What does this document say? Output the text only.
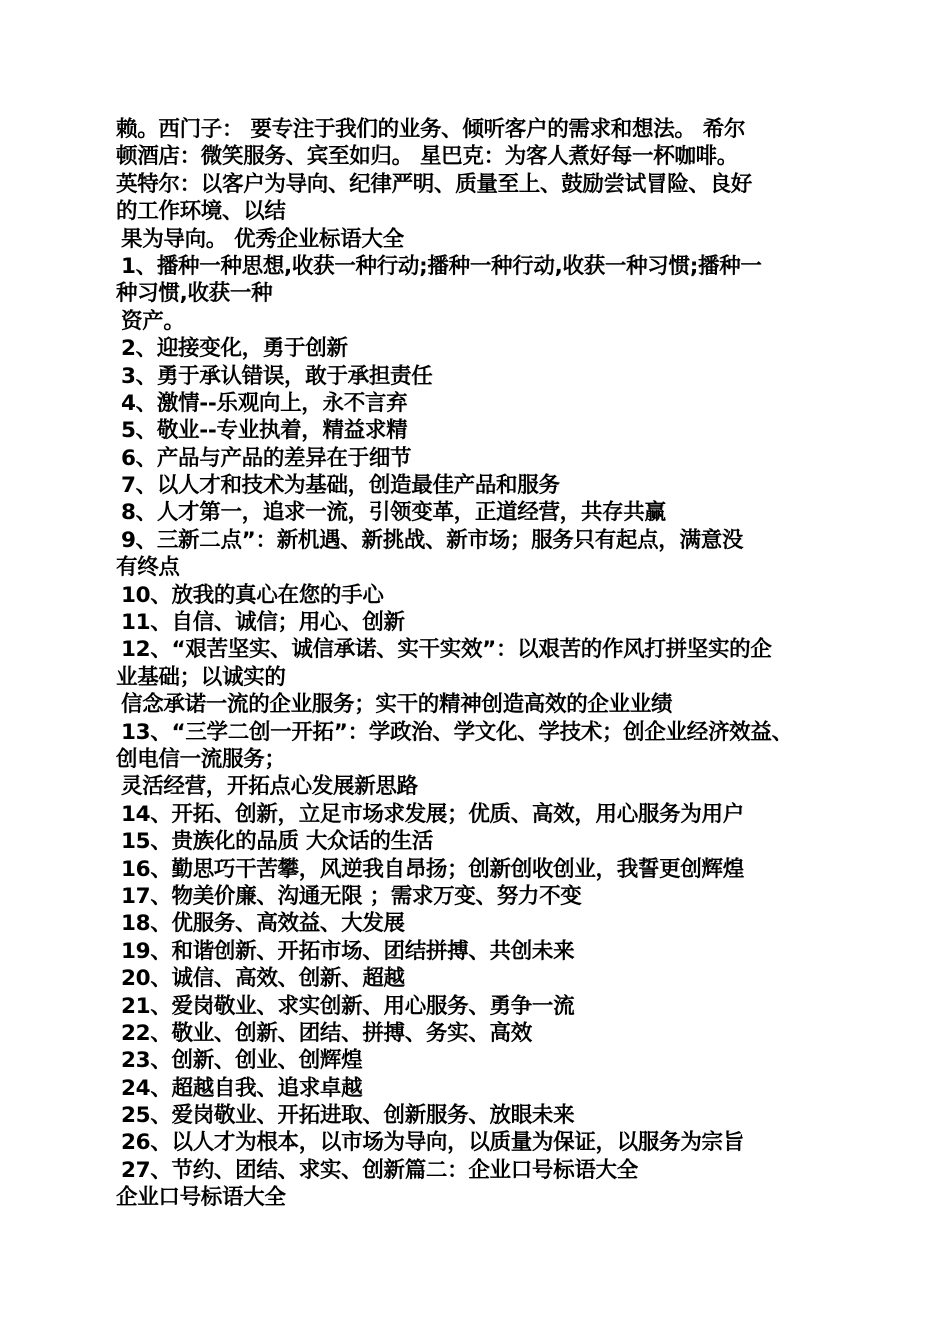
赖。西门子： 要专注于我们的业务、倾听客户的需求和想法。 希尔
顿酒店：微笑服务、宾至如归。 星巴克：为客人煮好每一杯咖啡。
英特尔：以客户为导向、纪律严明、质量至上、鼓励尝试冒险、良好
的工作环境、以结
果为导向。 优秀企业标语大全
1、播种一种思想,收获一种行动;播种一种行动,收获一种习惯;播种一
种习惯,收获一种
资产。
2、迎接变化，勇于创新
3、勇于承认错误，敢于承担责任
4、激情--乐观向上，永不言弃
5、敬业--专业执着，精益求精
6、产品与产品的差异在于细节
7、以人才和技术为基础，创造最佳产品和服务
8、人才第一，追求一流，引领变革，正道经营，共存共赢
9、三新二点”：新机遇、新挑战、新市场；服务只有起点，满意没
有终点
10、放我的真心在您的手心
11、自信、诚信；用心、创新
12、“艰苦坚实、诚信承诺、实干实效”：以艰苦的作风打拼坚实的企
业基础；以诚实的
信念承诺一流的企业服务；实干的精神创造高效的企业业绩
13、“三学二创一开拓”：学政治、学文化、学技术；创企业经济效益、
创电信一流服务；
灵活经营，开拓点心发展新思路
14、开拓、创新，立足市场求发展；优质、高效，用心服务为用户
15、贵族化的品质 大众话的生活
16、勤思巧干苦攀，风逆我自昂扬；创新创收创业，我誓更创辉煌
17、物美价廉、沟通无限 ；需求万变、努力不变
18、优服务、高效益、大发展
19、和谐创新、开拓市场、团结拼搏、共创未来
20、诚信、高效、创新、超越
21、爱岗敬业、求实创新、用心服务、勇争一流
22、敬业、创新、团结、拼搏、务实、高效
23、创新、创业、创辉煌
24、超越自我、追求卓越
25、爱岗敬业、开拓进取、创新服务、放眼未来
26、以人才为根本，以市场为导向，以质量为保证，以服务为宗旨
27、节约、团结、求实、创新篇二：企业口号标语大全
企业口号标语大全
